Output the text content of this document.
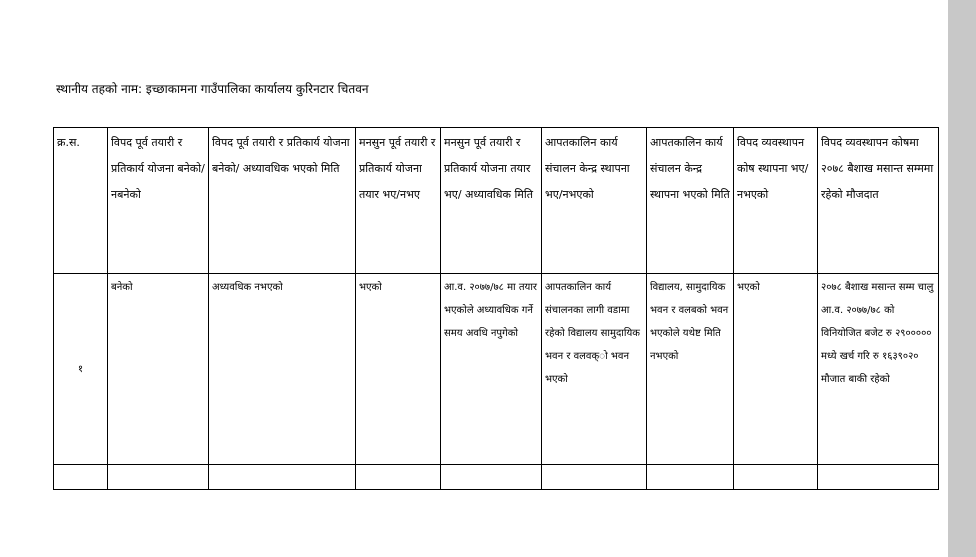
स्थानीय तहको नाम: इच्छाकामना गाउँपालिका कार्यालय कुरिनटार चितवन
क्र.स.	विपद पूर्व तयारी र प्रतिकार्य योजना बनेको/ नबनेको	विपद पूर्व तयारी र प्रतिकार्य योजना बनेको/ अध्यावधिक भएको मिति	मनसुन पूर्व तयारी र प्रतिकार्य योजना तयार भए/नभए	मनसुन पूर्व तयारी र प्रतिकार्य योजना तयार भए/ अध्यावधिक मिति	आपतकालिन कार्य संचालन केन्द्र स्थापना भए/नभएको	आपतकालिन कार्य संचालन केन्द्र स्थापना भएको मिति	विपद व्यवस्थापन कोष स्थापना भए/ नभएको	विपद व्यवस्थापन कोषमा २०७८ बैशाख मसान्त सम्ममा रहेको मौजदात
१	बनेको	अध्यवधिक नभएको	भएको	आ.व. २०७७/७८ मा तयार भएकोले अध्यावधिक गर्ने समय अवधि नपुगेको	आपतकालिन कार्य संचालनका लागी वडामा रहेको विद्यालय सामुदायिक भवन र वलवक्ो भवन भएको	विद्यालय, सामुदायिक भवन र वलबको भवन भएकोले यथेष्ट मिति नभएको	भएको	२०७८ बैशाख मसान्त सम्म चालु आ.व. २०७७/७८ को विनियोजित बजेट रु २९००००० मध्ये खर्च गरि रु १६३९०२० मौजात बाकी रहेको
